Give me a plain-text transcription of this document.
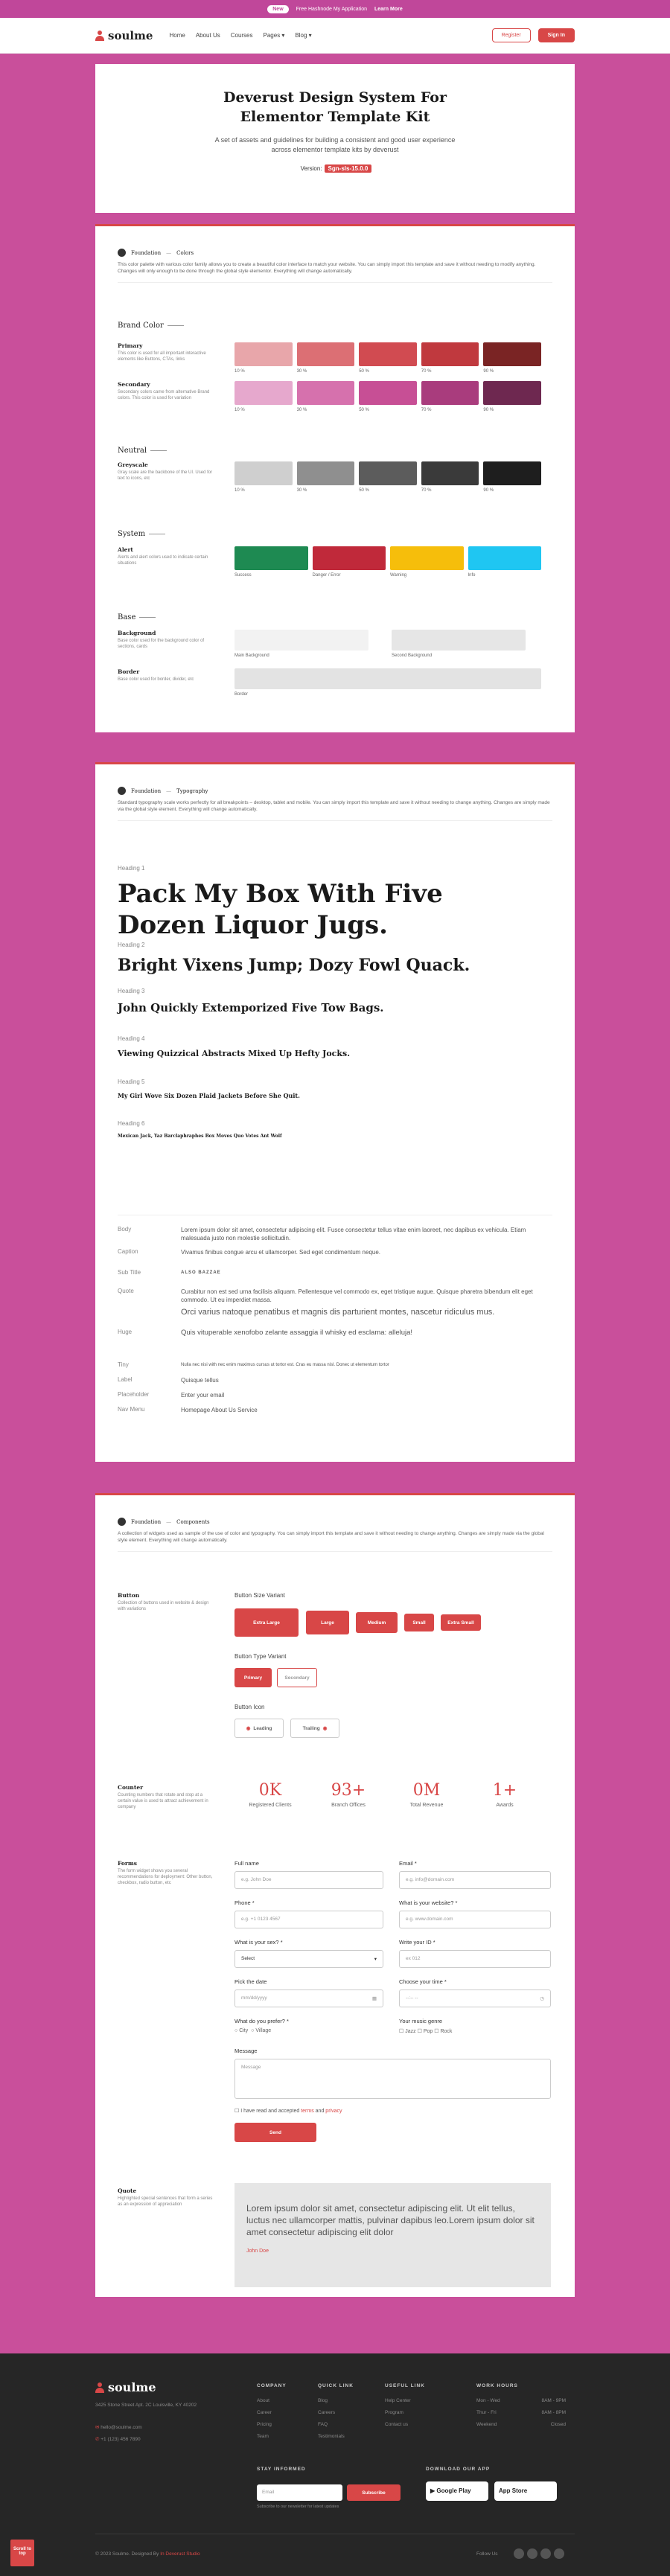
New	Free Hashnode My Application Learn More
soulme	Home About Us Courses Pages ▾ Blog ▾	Register	Sign In
Deverust Design System For Elementor Template Kit

A set of assets and guidelines for building a consistent and good user experience across elementor template kits by deverust

Version: Sgn-sls-15.0.0
Foundation — Colors
This color palette with various color family allows you to create a beautiful color interface to match your website. You can simply import this template and save it without needing to modify anything. Changes will only enough to be done through the global style elementor. Everything will change automatically.
Brand Color
Neutral
System
Base
Primary
This color is used for all important interactive elements like Buttons, CTAs, links
10 %	30 %	50 %	70 %	90 %
Secondary
Secondary colors came from alternative Brand colors. This color is used for variation
10 %	30 %	50 %	70 %	90 %
Greyscale
Gray scale are the backbone of the UI. Used for text to icons, etc
10 %	30 %	50 %	70 %	90 %
Alert
Alerts and alert colors used to indicate certain situations
Success	Danger / Error	Warning	Info
Background
Base color used for the background color of sections, cards
Main Background	Second Background
Border
Base color used for border, divider, etc
Border
Foundation — Typography
Standard typography scale works perfectly for all breakpoints – desktop, tablet and mobile. You can simply import this template and save it without needing to change anything. Changes are simply made via the global style element. Everything will change automatically.
Heading 1
Pack My Box With Five Dozen Liquor Jugs.
Heading 2
Bright Vixens Jump; Dozy Fowl Quack.
Heading 3
John Quickly Extemporized Five Tow Bags.
Heading 4
Viewing Quizzical Abstracts Mixed Up Hefty Jocks.
Heading 5
My Girl Wove Six Dozen Plaid Jackets Before She Quit.
Heading 6
Mexican Jack, Yaz Barclaphraphes Box Moves Quo Votes Ant Wolf
Body	Lorem ipsum dolor sit amet, consectetur adipiscing elit. Fusce consectetur tellus vitae enim laoreet, nec dapibus ex vehicula. Etiam malesuada justo non molestie sollicitudin.
Caption	Vivamus finibus congue arcu et ullamcorper. Sed eget condimentum neque.
Sub Title	ALSO BAZZAE
Quote	Curabitur non est sed urna facilisis aliquam. Pellentesque vel commodo ex, eget tristique augue. Quisque pharetra bibendum elit eget commodo. Ut eu imperdiet massa.
Orci varius natoque penatibus et magnis dis parturient montes, nascetur ridiculus mus.
Huge	Quis vituperable xenofobo zelante assaggia il whisky ed esclama: alleluja!
Tiny	Nulla nec nisi with nec enim maximus cursus ut tortor est. Cras eu massa nisl. Donec ut elementum tortor
Label	Quisque tellus
Placeholder	Enter your email
Nav Menu	Homepage About Us Service
Foundation — Components
A collection of widgets used as sample of the use of color and typography. You can simply import this template and save it without needing to change anything. Changes are simply made via the global style element. Everything will change automatically.
Button
Collection of buttons used in website & design with variations
Button Size Variant
Extra Large	Large	Medium	Small	Extra Small
Button Type Variant
Primary	Secondary
Button Icon
◉ Leading	Trailing ◉
Counter
Counting numbers that rotate and stop at a certain value is used to attract achievement in company
0K
Registered Clients
93+
Branch Offices
0M
Total Revenue
1+
Awards
Forms
The form widget shows you several recommendations for deployment: Other button, checkbox, radio button, etc
Full name
e.g. John Doe
Email *
e.g. info@domain.com
Phone *
e.g. +1 0123 4567
What is your website? *
e.g. www.domain.com
What is your sex? *
Select	▾
Write your ID *
ex 012
Pick the date
mm/dd/yyyy	▦
Choose your time *
--:-- --	◷
What do you prefer? *
○ City  ○ Village
Your music genre
☐ Jazz ☐ Pop ☐ Rock
Message
Message
☐ I have read and accepted terms and privacy
Send
Quote
Highlighted special sentences that form a series as an expression of appreciation	Lorem ipsum dolor sit amet, consectetur adipiscing elit. Ut elit tellus, luctus nec ullamcorper mattis, pulvinar dapibus leo.Lorem ipsum dolor sit amet consectetur adipiscing elit dolor

John Doe
soulme
3425 Stone Street Apt. 2C Louisville, KY 40202
✉ hello@soulme.com
✆ +1 (123) 456 7890
COMPANY
About
Career
Pricing
Team
QUICK LINK
Blog
Careers
FAQ
Testimonials
USEFUL LINK
Help Center
Program
Contact us
WORK HOURS
Mon - Wed	8AM - 9PM
Thur - Fri	8AM - 8PM
Weekend	Closed
STAY INFORMED
Email	Subscribe
Subscribe to our newsletter for latest updates
DOWNLOAD OUR APP
▶ Google Play	App Store
© 2023 Soulme. Designed By In Deverust Studio	Follow Us
Scroll to top
